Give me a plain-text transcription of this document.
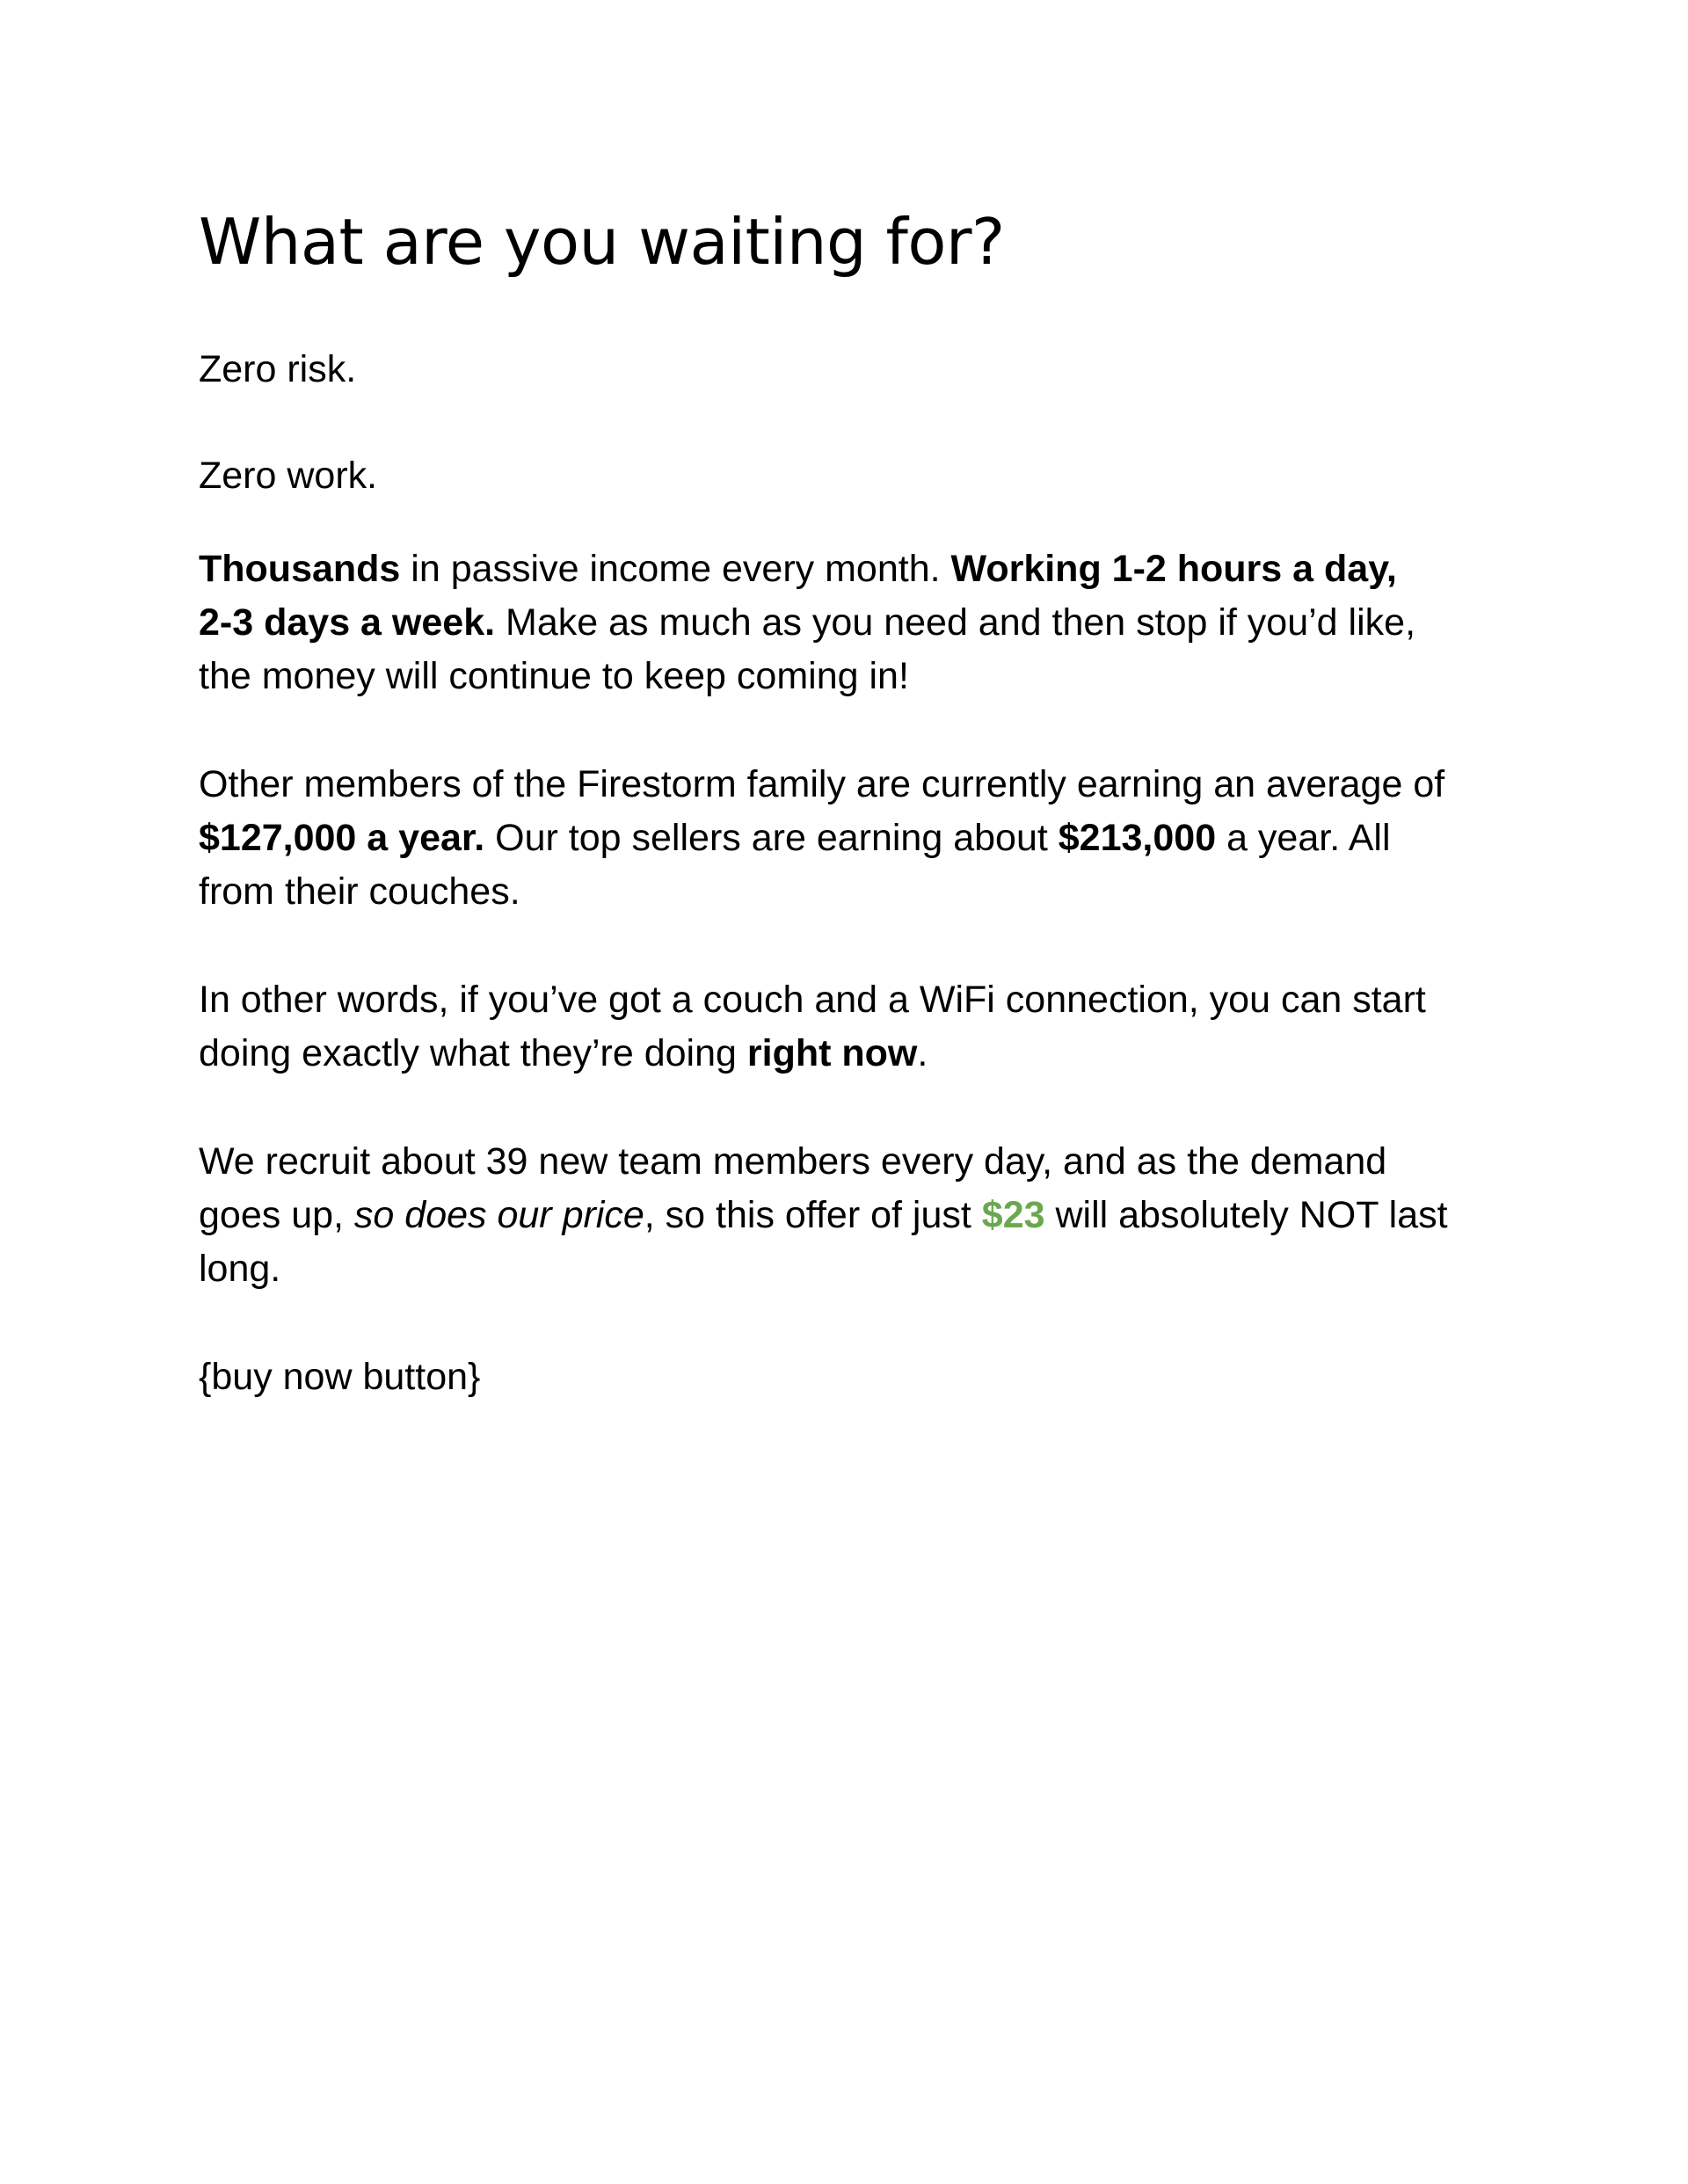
What are you waiting for?

Zero risk.

Zero work.

Thousands in passive income every month. Working 1-2 hours a day,
2-3 days a week. Make as much as you need and then stop if you’d like,
the money will continue to keep coming in!

Other members of the Firestorm family are currently earning an average of
$127,000 a year. Our top sellers are earning about $213,000 a year. All
from their couches.

In other words, if you’ve got a couch and a WiFi connection, you can start
doing exactly what they’re doing right now.

We recruit about 39 new team members every day, and as the demand
goes up, so does our price, so this offer of just $23 will absolutely NOT last
long.

{buy now button}
